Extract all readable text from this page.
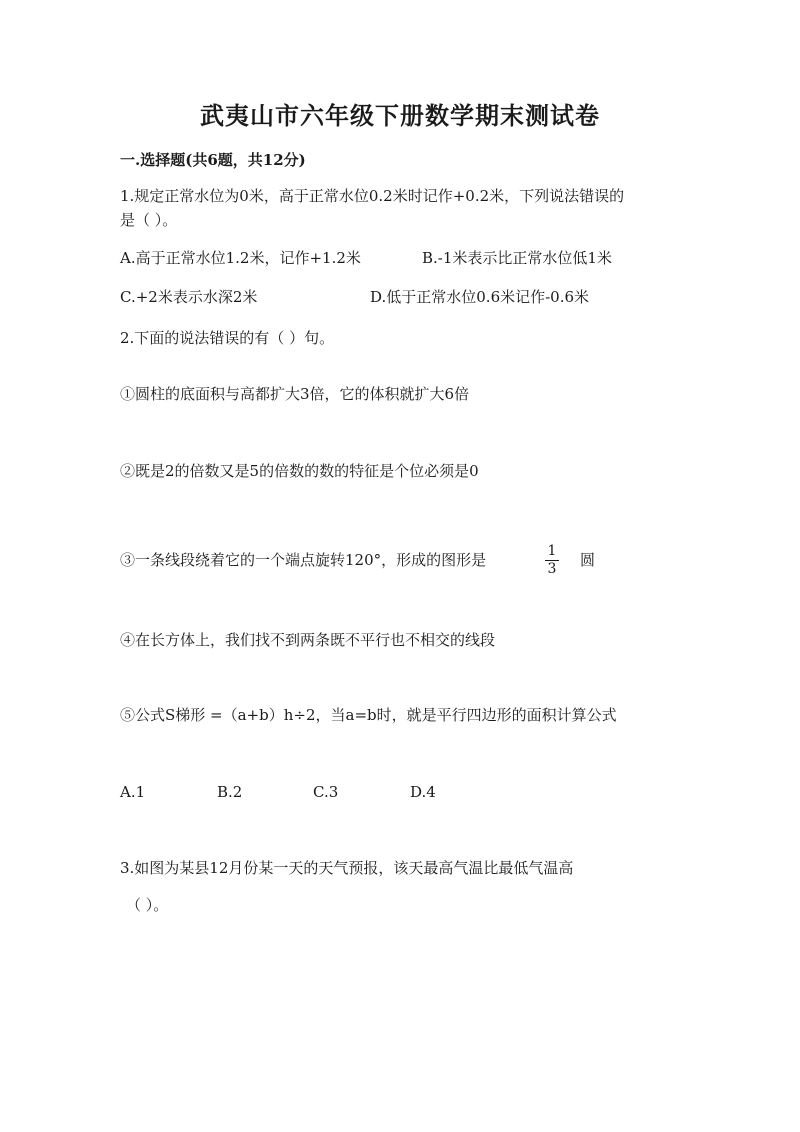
武夷山市六年级下册数学期末测试卷
一.选择题(共6题，共12分)
1.规定正常水位为0米，高于正常水位0.2米时记作+0.2米，下列说法错误的
是（ ）。
A.高于正常水位1.2米，记作+1.2米	B.-1米表示比正常水位低1米
C.+2米表示水深2米	D.低于正常水位0.6米记作-0.6米
2.下面的说法错误的有（ ）句。
①圆柱的底面积与高都扩大3倍，它的体积就扩大6倍
②既是2的倍数又是5的倍数的数的特征是个位必须是0
③一条线段绕着它的一个端点旋转120°，形成的图形是	1
3 圆
④在长方体上，我们找不到两条既不平行也不相交的线段
⑤公式S梯形 =（a+b）h÷2，当a=b时，就是平行四边形的面积计算公式
A.1	B.2	C.3	D.4
3.如图为某县12月份某一天的天气预报，该天最高气温比最低气温高
（ ）。
